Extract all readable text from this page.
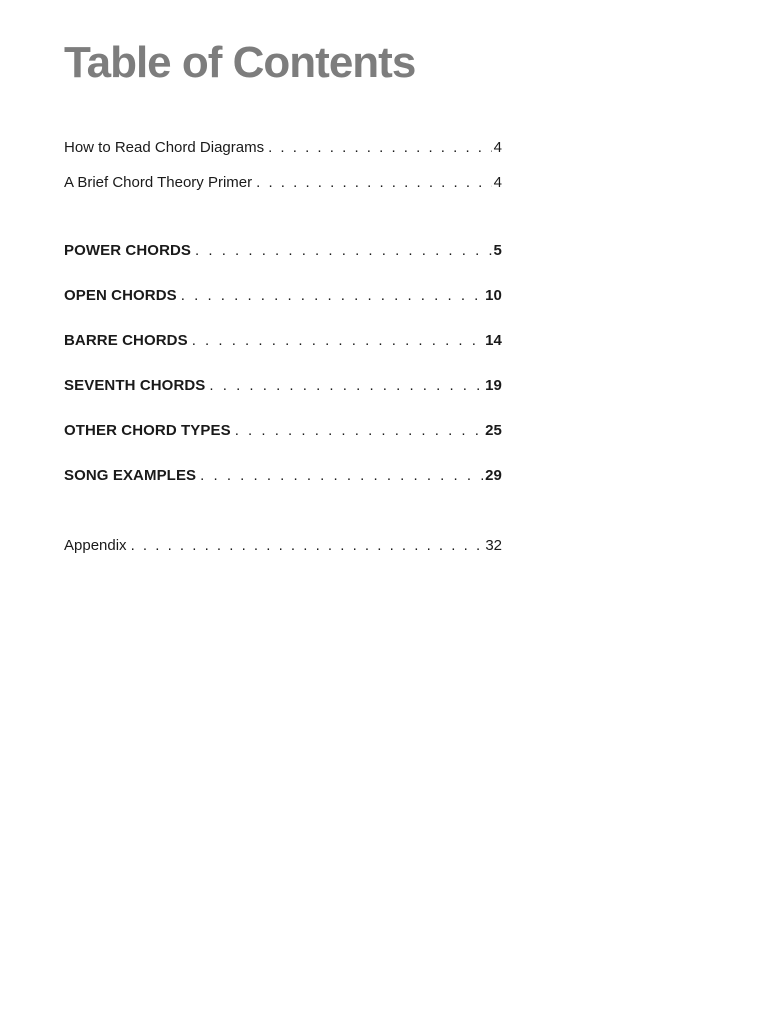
Table of Contents
How to Read Chord Diagrams . . .	4
A Brief Chord Theory Primer . . .	4
POWER CHORDS . . .	5
OPEN CHORDS . . .	10
BARRE CHORDS . . .	14
SEVENTH CHORDS . . .	19
OTHER CHORD TYPES . . .	25
SONG EXAMPLES . . .	29
Appendix . . .	32
